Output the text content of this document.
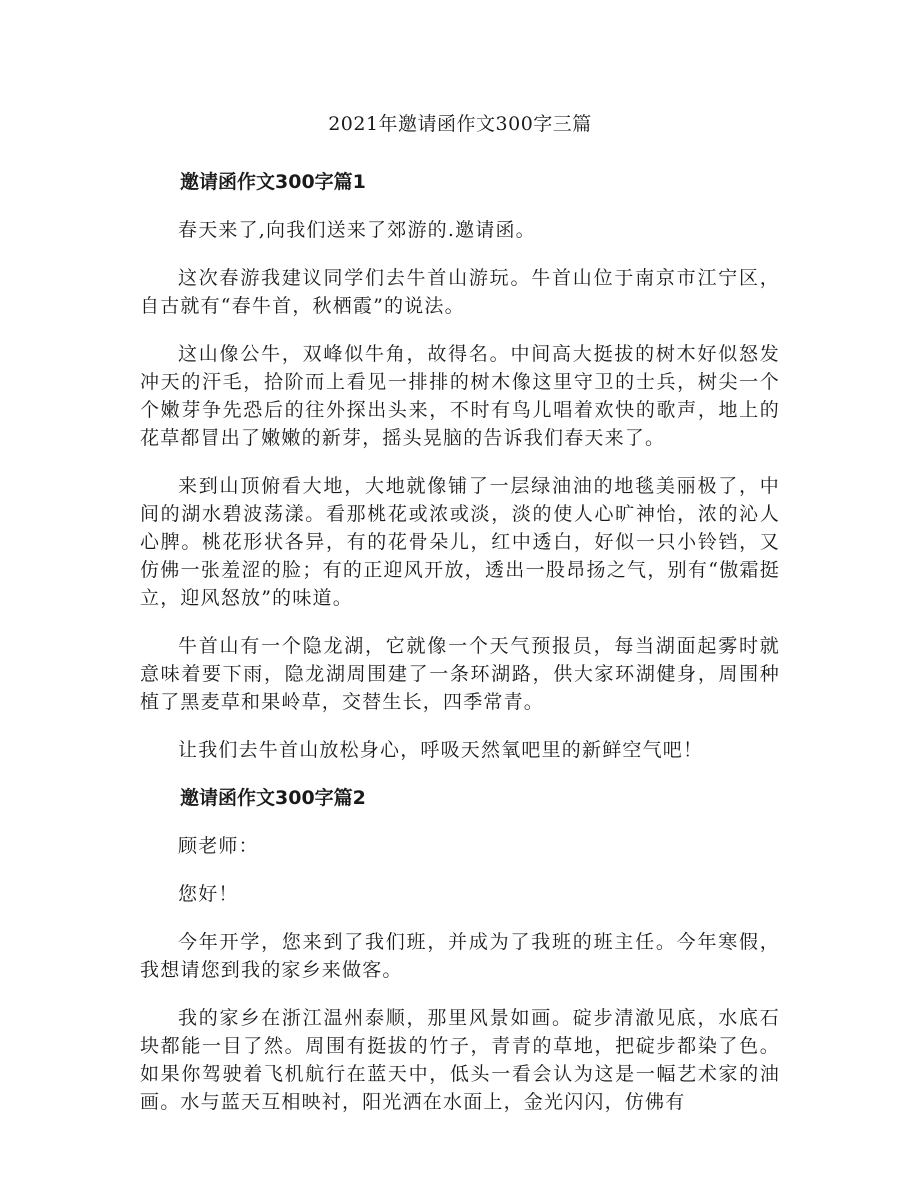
2021年邀请函作文300字三篇

邀请函作文300字篇1

春天来了,向我们送来了郊游的.邀请函。

这次春游我建议同学们去牛首山游玩。牛首山位于南京市江宁区，自古就有“春牛首，秋栖霞”的说法。

这山像公牛，双峰似牛角，故得名。中间高大挺拔的树木好似怒发冲天的汗毛，拾阶而上看见一排排的树木像这里守卫的士兵，树尖一个个嫩芽争先恐后的往外探出头来，不时有鸟儿唱着欢快的歌声，地上的花草都冒出了嫩嫩的新芽，摇头晃脑的告诉我们春天来了。

来到山顶俯看大地，大地就像铺了一层绿油油的地毯美丽极了，中间的湖水碧波荡漾。看那桃花或浓或淡，淡的使人心旷神怡，浓的沁人心脾。桃花形状各异，有的花骨朵儿，红中透白，好似一只小铃铛，又仿佛一张羞涩的脸；有的正迎风开放，透出一股昂扬之气，别有“傲霜挺立，迎风怒放”的味道。

牛首山有一个隐龙湖，它就像一个天气预报员，每当湖面起雾时就意味着要下雨，隐龙湖周围建了一条环湖路，供大家环湖健身，周围种植了黑麦草和果岭草，交替生长，四季常青。

让我们去牛首山放松身心，呼吸天然氧吧里的新鲜空气吧！

邀请函作文300字篇2

顾老师：

您好！

今年开学，您来到了我们班，并成为了我班的班主任。今年寒假，我想请您到我的家乡来做客。

我的家乡在浙江温州泰顺，那里风景如画。碇步清澈见底，水底石块都能一目了然。周围有挺拔的竹子，青青的草地，把碇步都染了色。如果你驾驶着飞机航行在蓝天中，低头一看会认为这是一幅艺术家的油画。水与蓝天互相映衬，阳光洒在水面上，金光闪闪，仿佛有
